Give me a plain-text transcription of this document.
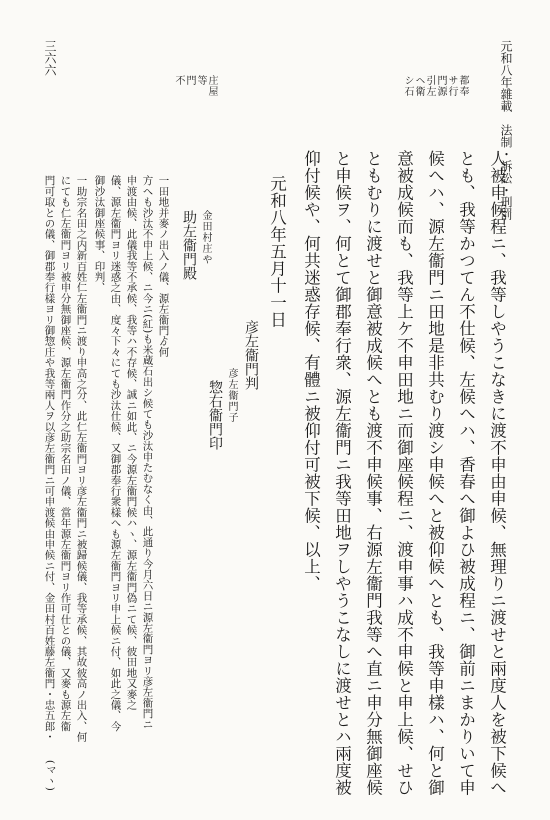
元和八年雜載　法制・訴訟・刑罰
三六六
都奉
サ行
門源
引左
ヘ衛
シ石
庄屋
等
門
不
人被申候程ニ、我等しやうこなきに渡不申由申候、無理りニ渡せと兩度人を被下候へ
とも、我等かつてん不仕候、左候へハ、香春へ御よひ被成程ニ、御前ニまかりいて申
候へハ、源左衞門ニ田地是非共むり渡シ申候へと被仰候へとも、我等申樣ハ、何と御
意被成候而も、我等上ケ不申田地ニ而御座候程ニ、渡申事ハ成不申候と申上候、せひ
ともむりに渡せと御意被成候へとも渡不申候事、右源左衞門我等へ直ニ申分無御座候
と申候ヲ、何とて御郡奉行衆、源左衞門ニ我等田地ヲしやうこなしに渡せとハ兩度被
仰付候や、何共迷惑存候、有體ニ被仰付可被下候、以上、
元和八年五月十一日
彦左衞門判
彦左衞門子
惣右衞門印
金田村庄や
助左衞門殿
一田地并麥ノ出入ノ儀、源左衞門ゟ何
方へも沙汰不申上候、ニ今ニ(紅)も米蔵石出シ候ても沙汰申たむなく由、此通り今月六日ニ源左衞門ヨリ彦左衞門ニ
申渡由候、此儀我等不承候、我等ハ不存候、誠ニ如此、ニ今源左衞門候ハヽ、源左衞門偽ニて候、彼田地又麥之
儀、源左衞門ヨリ迷惑之由、度々下々にても沙汰仕候、又御郡奉行衆樣へも源左衞門ヨリ申上候ニ付、如此之儀、今
御沙汰御座候事、印判、
一助宗名田之内新百姓仁左衞門ニ渡り申高之分、此仁左衞門ヨリ彦左衞門ニ被歸候儀、我等承候、其故彼高ノ出入、何
にても仁左衞門ヨリ被申分無御座候、源左衞門作分之助宗名田ノ儀、當年源左衞門ヨリ作可仕との儀、又麥も源左衞
門可取との儀、御郡奉行樣ヨリ御惣庄や我等兩人ヲ以彦左衞門ニ可申渡候由申候ニ付、金田村百姓藤左衞門・忠五郎・
(マヽ)
